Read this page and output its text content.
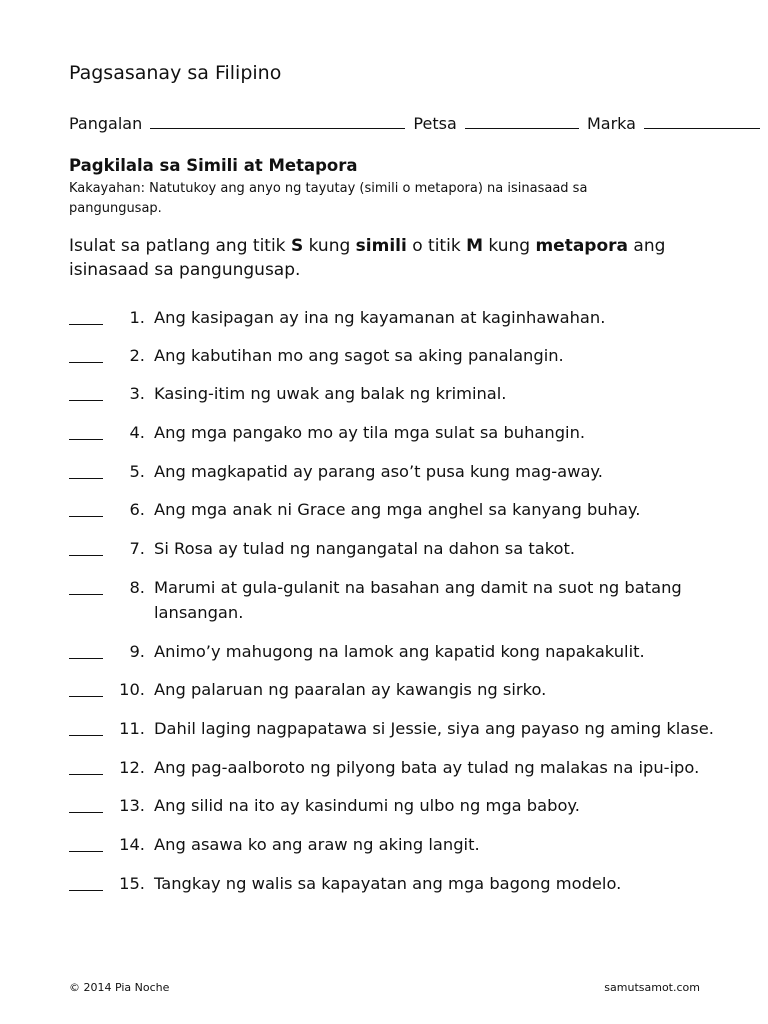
Pagsasanay sa Filipino
Pangalan	Petsa	Marka
Pagkilala sa Simili at Metapora
Kakayahan: Natutukoy ang anyo ng tayutay (simili o metapora) na isinasaad sa pangungusap.
Isulat sa patlang ang titik S kung simili o titik M kung metapora ang isinasaad sa pangungusap.
1. Ang kasipagan ay ina ng kayamanan at kaginhawahan.
2. Ang kabutihan mo ang sagot sa aking panalangin.
3. Kasing-itim ng uwak ang balak ng kriminal.
4. Ang mga pangako mo ay tila mga sulat sa buhangin.
5. Ang magkapatid ay parang aso’t pusa kung mag-away.
6. Ang mga anak ni Grace ang mga anghel sa kanyang buhay.
7. Si Rosa ay tulad ng nangangatal na dahon sa takot.
8. Marumi at gula-gulanit na basahan ang damit na suot ng batang lansangan.
9. Animo’y mahugong na lamok ang kapatid kong napakakulit.
10. Ang palaruan ng paaralan ay kawangis ng sirko.
11. Dahil laging nagpapatawa si Jessie, siya ang payaso ng aming klase.
12. Ang pag-aalboroto ng pilyong bata ay tulad ng malakas na ipu-ipo.
13. Ang silid na ito ay kasindumi ng ulbo ng mga baboy.
14. Ang asawa ko ang araw ng aking langit.
15. Tangkay ng walis sa kapayatan ang mga bagong modelo.
© 2014 Pia Noche	samutsamot.com
